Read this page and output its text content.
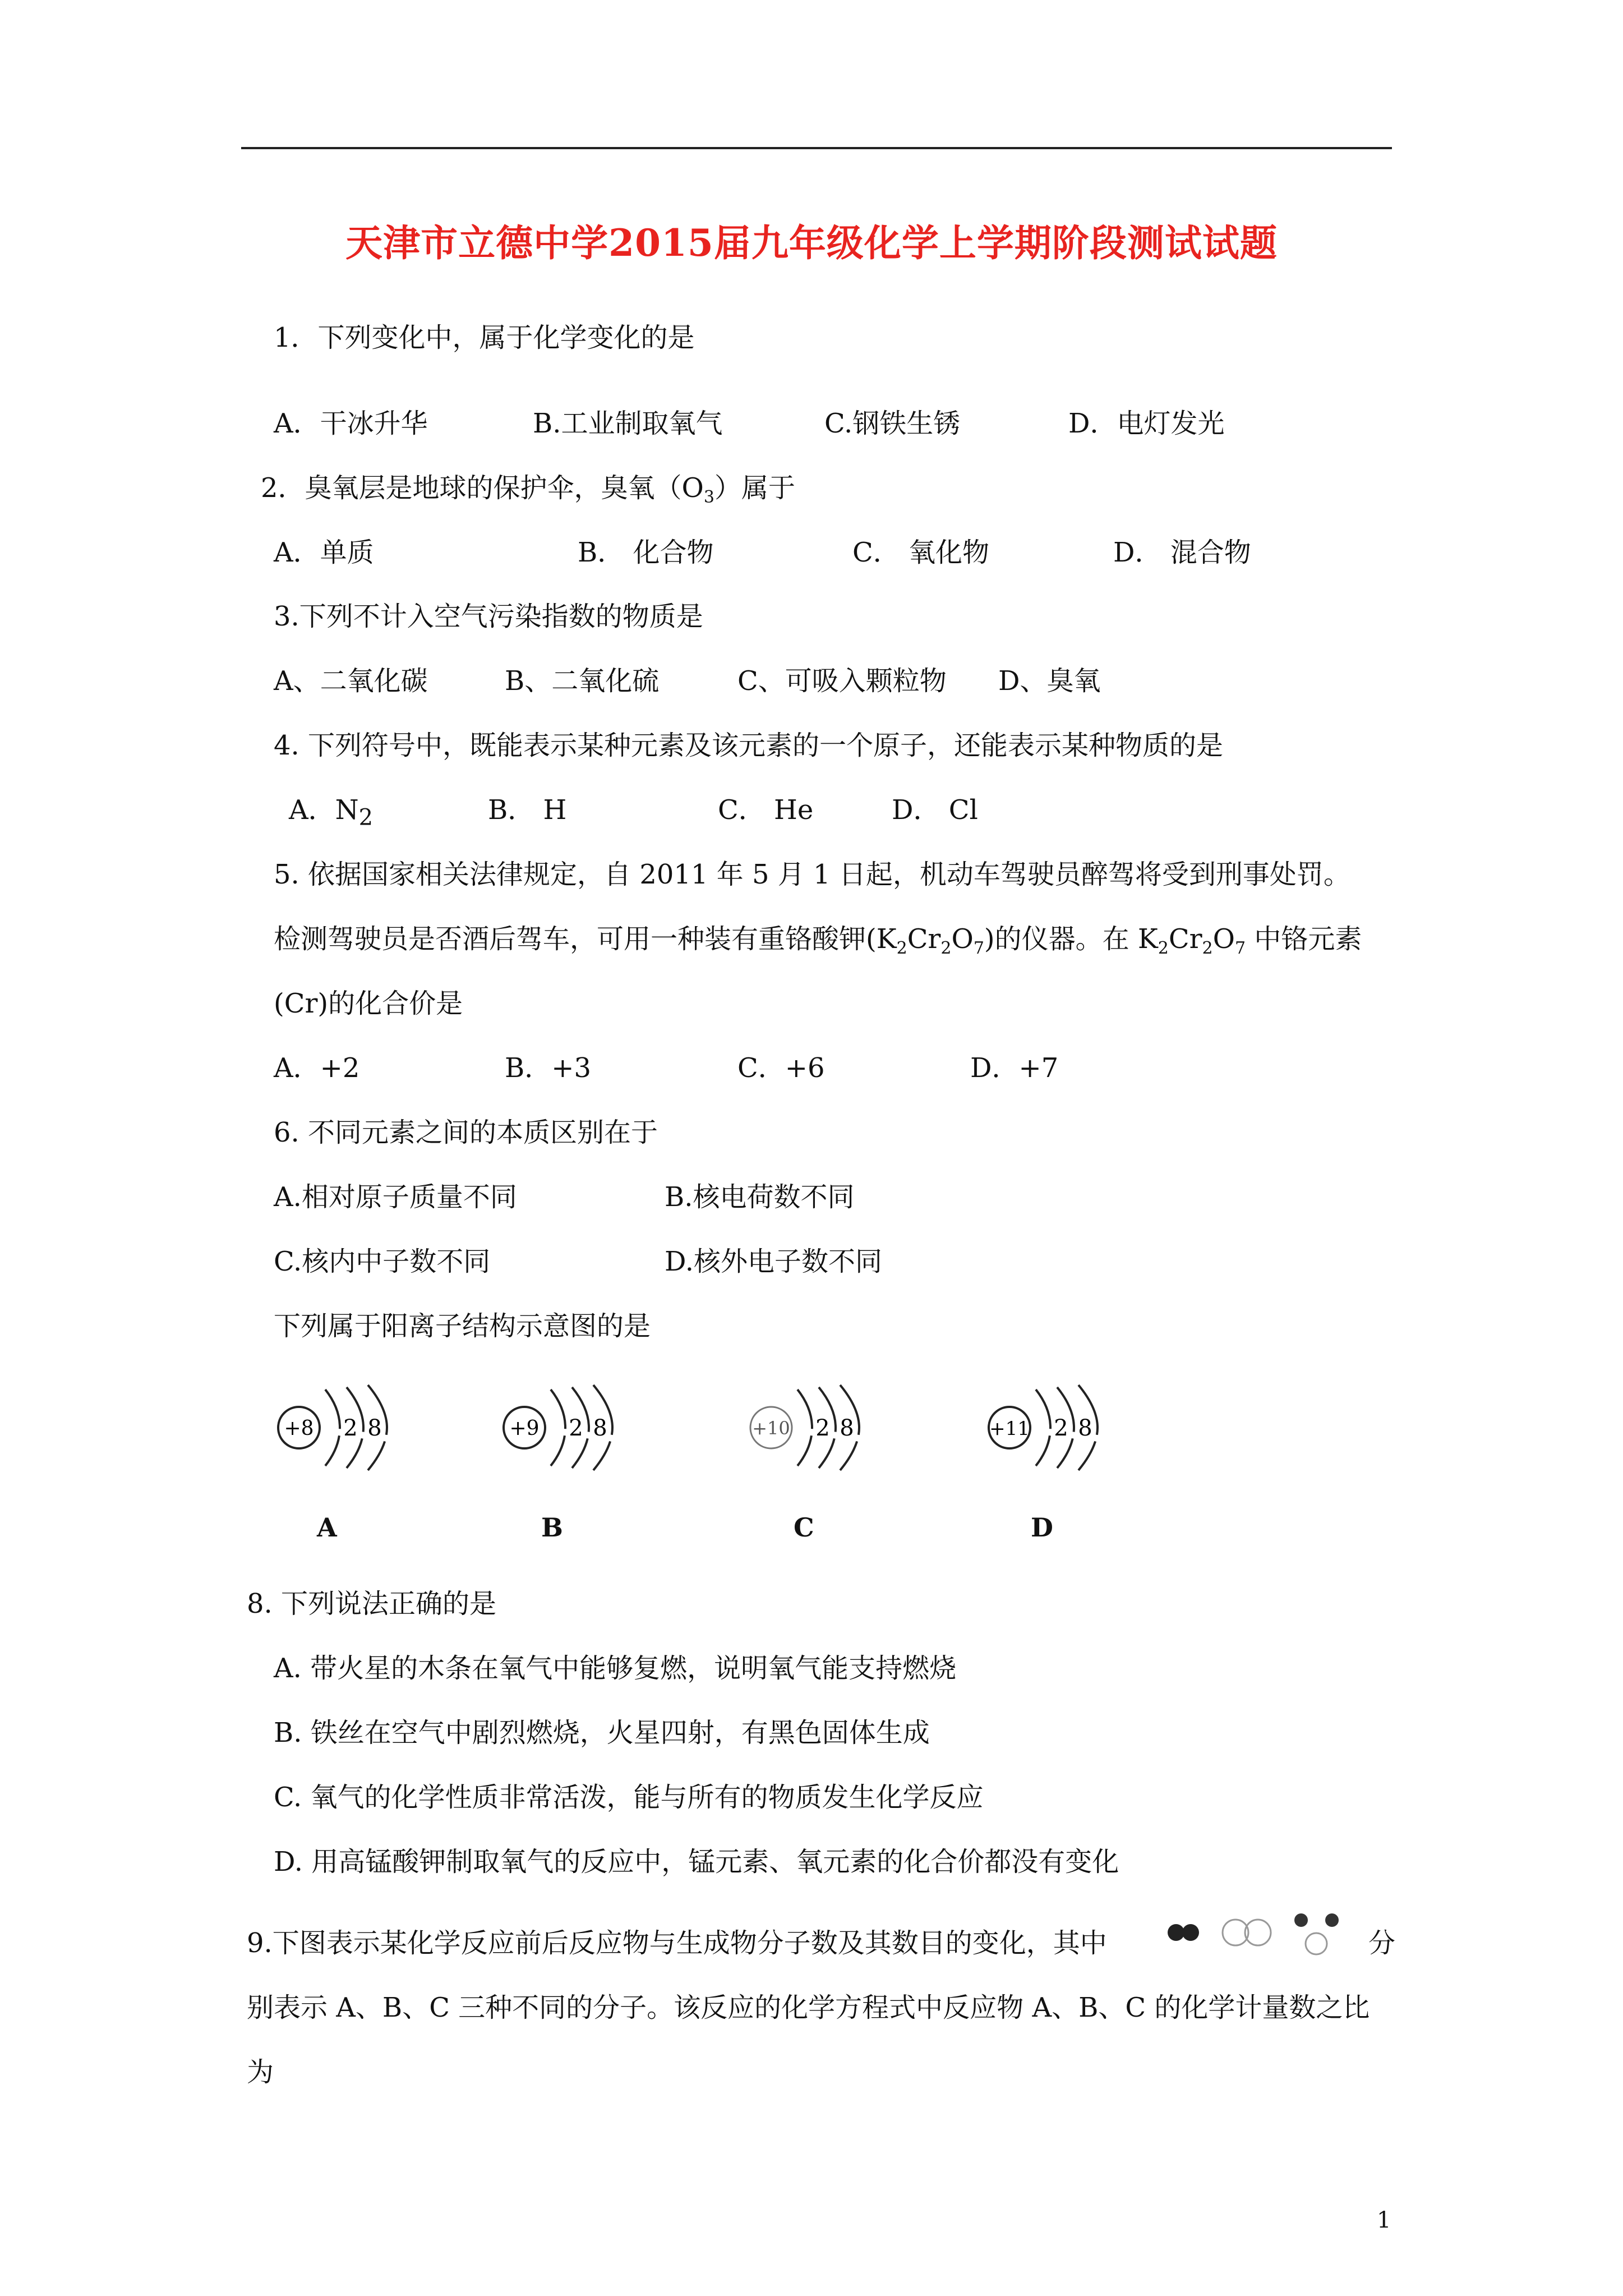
天津市立德中学2015届九年级化学上学期阶段测试试题
1．下列变化中，属于化学变化的是
A．干冰升华	B.工业制取氧气	C.钢铁生锈	D．电灯发光
2．臭氧层是地球的保护伞，臭氧$(O_3)$属于
A．单质	B． 化合物	C． 氧化物	D． 混合物
3.下列不计入空气污染指数的物质是
A、二氧化碳	B、二氧化硫	C、可吸入颗粒物 D、臭氧
4. 下列符号中，既能表示某种元素及该元素的一个原子，还能表示某种物质的是
A．$N_2$	B． H	C． He	D． Cl
5. 依据国家相关法律规定，自 2011 年 5 月 1 日起，机动车驾驶员醉驾将受到刑事处罚。
检测驾驶员是否酒后驾车，可用一种装有重铬酸钾$(K_2Cr_2O_7)$的仪器。在 $K_2Cr_2O_7$ 中铬元素
(Cr)的化合价是
A．+2	B．+3	C．+6	D．+7
6. 不同元素之间的本质区别在于
A.相对原子质量不同	B.核电荷数不同
C.核内中子数不同	D.核外电子数不同
下列属于阳离子结构示意图的是
+8 2 8
A
+9 2 8
B
+10 2 8
C
+11 2 8
D
8. 下列说法正确的是
A. 带火星的木条在氧气中能够复燃，说明氧气能支持燃烧
B. 铁丝在空气中剧烈燃烧，火星四射，有黑色固体生成
C. 氧气的化学性质非常活泼，能与所有的物质发生化学反应
D. 用高锰酸钾制取氧气的反应中，锰元素、氧元素的化合价都没有变化
9.下图表示某化学反应前后反应物与生成物分子数及其数目的变化，其中	分
别表示 A、B、C 三种不同的分子。该反应的化学方程式中反应物 A、B、C 的化学计量数之比
为
1
